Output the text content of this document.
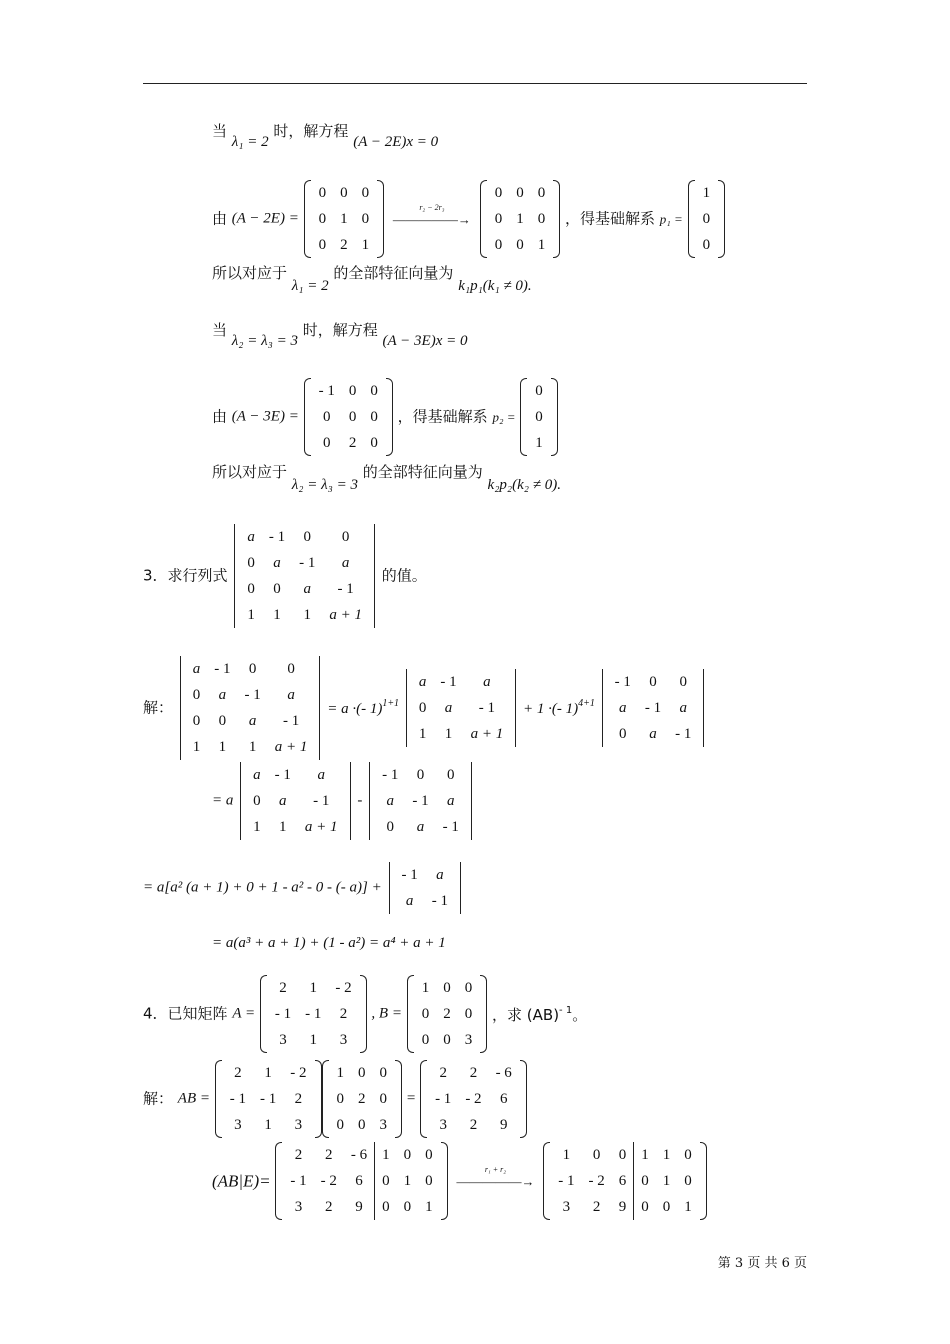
当 λ₁ = 2 时，解方程 (A − 2E)x = 0
由 (A − 2E) =
0	0	0
0	1	0
0	2	1

r₂ − 2r₃
—————→
0	0	0
0	1	0
0	0	1
，得基础解系 p₁ =
1
0
0
所以对应于 λ₁ = 2 的全部特征向量为 k₁p₁(k₁ ≠ 0).
当 λ₂ = λ₃ = 3 时，解方程 (A − 3E)x = 0
由 (A − 3E) =
- 1	0	0
0	0	0
0	2	0
，得基础解系 p₂ =
0
0
1
所以对应于 λ₂ = λ₃ = 3 的全部特征向量为 k₂p₂(k₂ ≠ 0).
3．求行列式
a	- 1	0	0
0	a	- 1	a
0	0	a	- 1
1	1	1	a + 1
的值。
解：
a	- 1	0	0
0	a	- 1	a
0	0	a	- 1
1	1	1	a + 1
= a ·(- 1)$^{1+1}$
a	- 1	a
0	a	- 1
1	1	a + 1
+ 1 ·(- 1)$^{4+1}$
- 1	0	0
a	- 1	a
0	a	- 1
= a
a	- 1	a
0	a	- 1
1	1	a + 1
-
- 1	0	0
a	- 1	a
0	a	- 1
= a[a² (a + 1) + 0 + 1 - a² - 0 - (- a)] +
- 1	a
a	- 1
= a(a³ + a + 1) + (1 - a²) = a⁴ + a + 1
4．已知矩阵 A =
2	1	- 2
- 1	- 1	2
3	1	3
, B =
1	0	0
0	2	0
0	0	3
，求 (AB)$^{- 1}$。
解： AB =
2	1	- 2
- 1	- 1	2
3	1	3
1	0	0
0	2	0
0	0	3
=
2	2	- 6
- 1	- 2	6
3	2	9
(AB|E)=
2	2	- 6	1	0	0
- 1	- 2	6	0	1	0
3	2	9	0	0	1

r₁ + r₂
—————→
1	0	0	1	1	0
- 1	- 2	6	0	1	0
3	2	9	0	0	1
第 3 页 共 6 页
